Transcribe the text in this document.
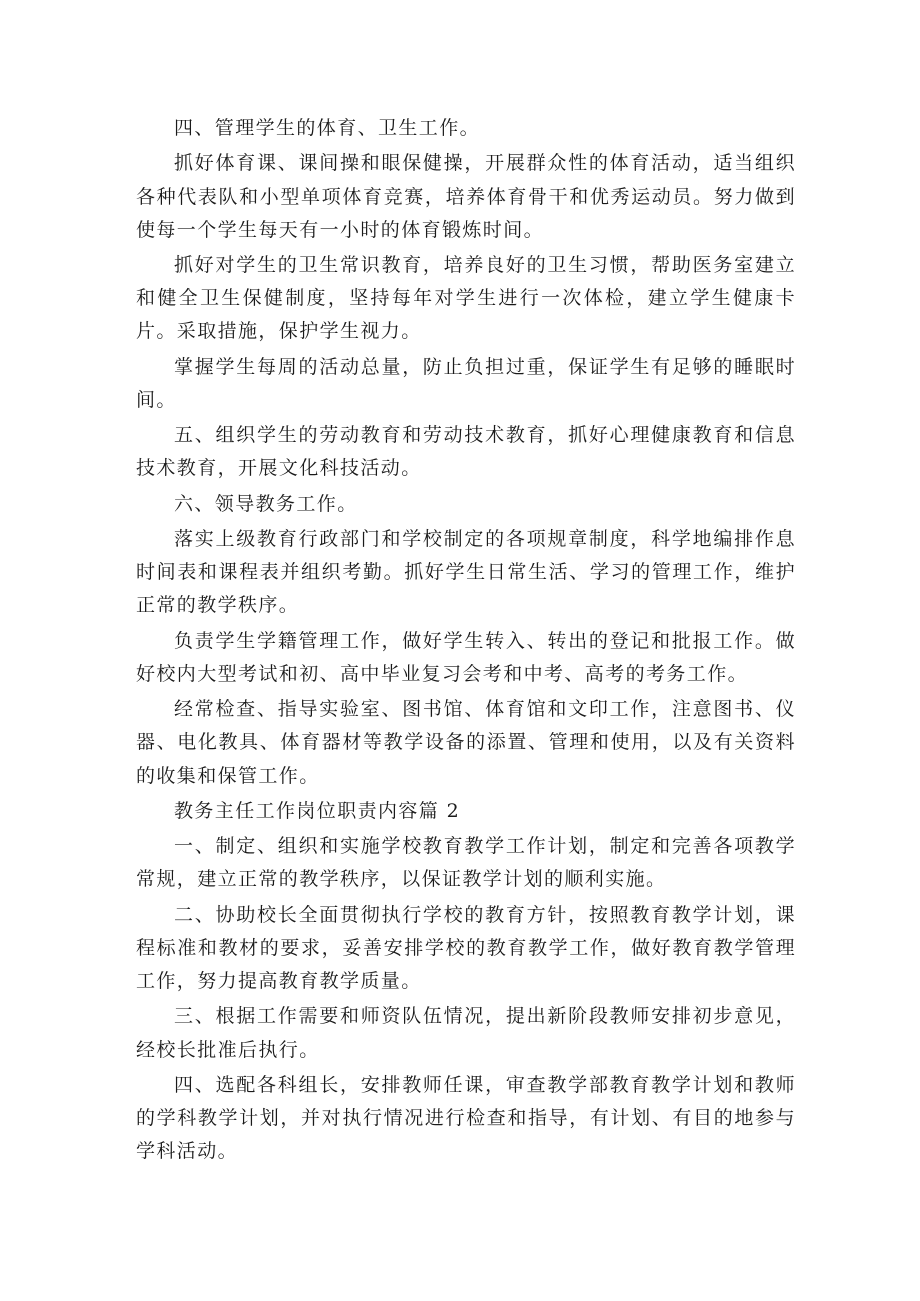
四、管理学生的体育、卫生工作。

抓好体育课、课间操和眼保健操，开展群众性的体育活动，适当组织各种代表队和小型单项体育竞赛，培养体育骨干和优秀运动员。努力做到使每一个学生每天有一小时的体育锻炼时间。

抓好对学生的卫生常识教育，培养良好的卫生习惯，帮助医务室建立和健全卫生保健制度，坚持每年对学生进行一次体检，建立学生健康卡片。采取措施，保护学生视力。

掌握学生每周的活动总量，防止负担过重，保证学生有足够的睡眠时间。

五、组织学生的劳动教育和劳动技术教育，抓好心理健康教育和信息技术教育，开展文化科技活动。

六、领导教务工作。

落实上级教育行政部门和学校制定的各项规章制度，科学地编排作息时间表和课程表并组织考勤。抓好学生日常生活、学习的管理工作，维护正常的教学秩序。

负责学生学籍管理工作，做好学生转入、转出的登记和批报工作。做好校内大型考试和初、高中毕业复习会考和中考、高考的考务工作。

经常检查、指导实验室、图书馆、体育馆和文印工作，注意图书、仪器、电化教具、体育器材等教学设备的添置、管理和使用，以及有关资料的收集和保管工作。

教务主任工作岗位职责内容篇 2

一、制定、组织和实施学校教育教学工作计划，制定和完善各项教学常规，建立正常的教学秩序，以保证教学计划的顺利实施。

二、协助校长全面贯彻执行学校的教育方针，按照教育教学计划，课程标准和教材的要求，妥善安排学校的教育教学工作，做好教育教学管理工作，努力提高教育教学质量。

三、根据工作需要和师资队伍情况，提出新阶段教师安排初步意见，经校长批准后执行。

四、选配各科组长，安排教师任课，审查教学部教育教学计划和教师的学科教学计划，并对执行情况进行检查和指导，有计划、有目的地参与学科活动。
